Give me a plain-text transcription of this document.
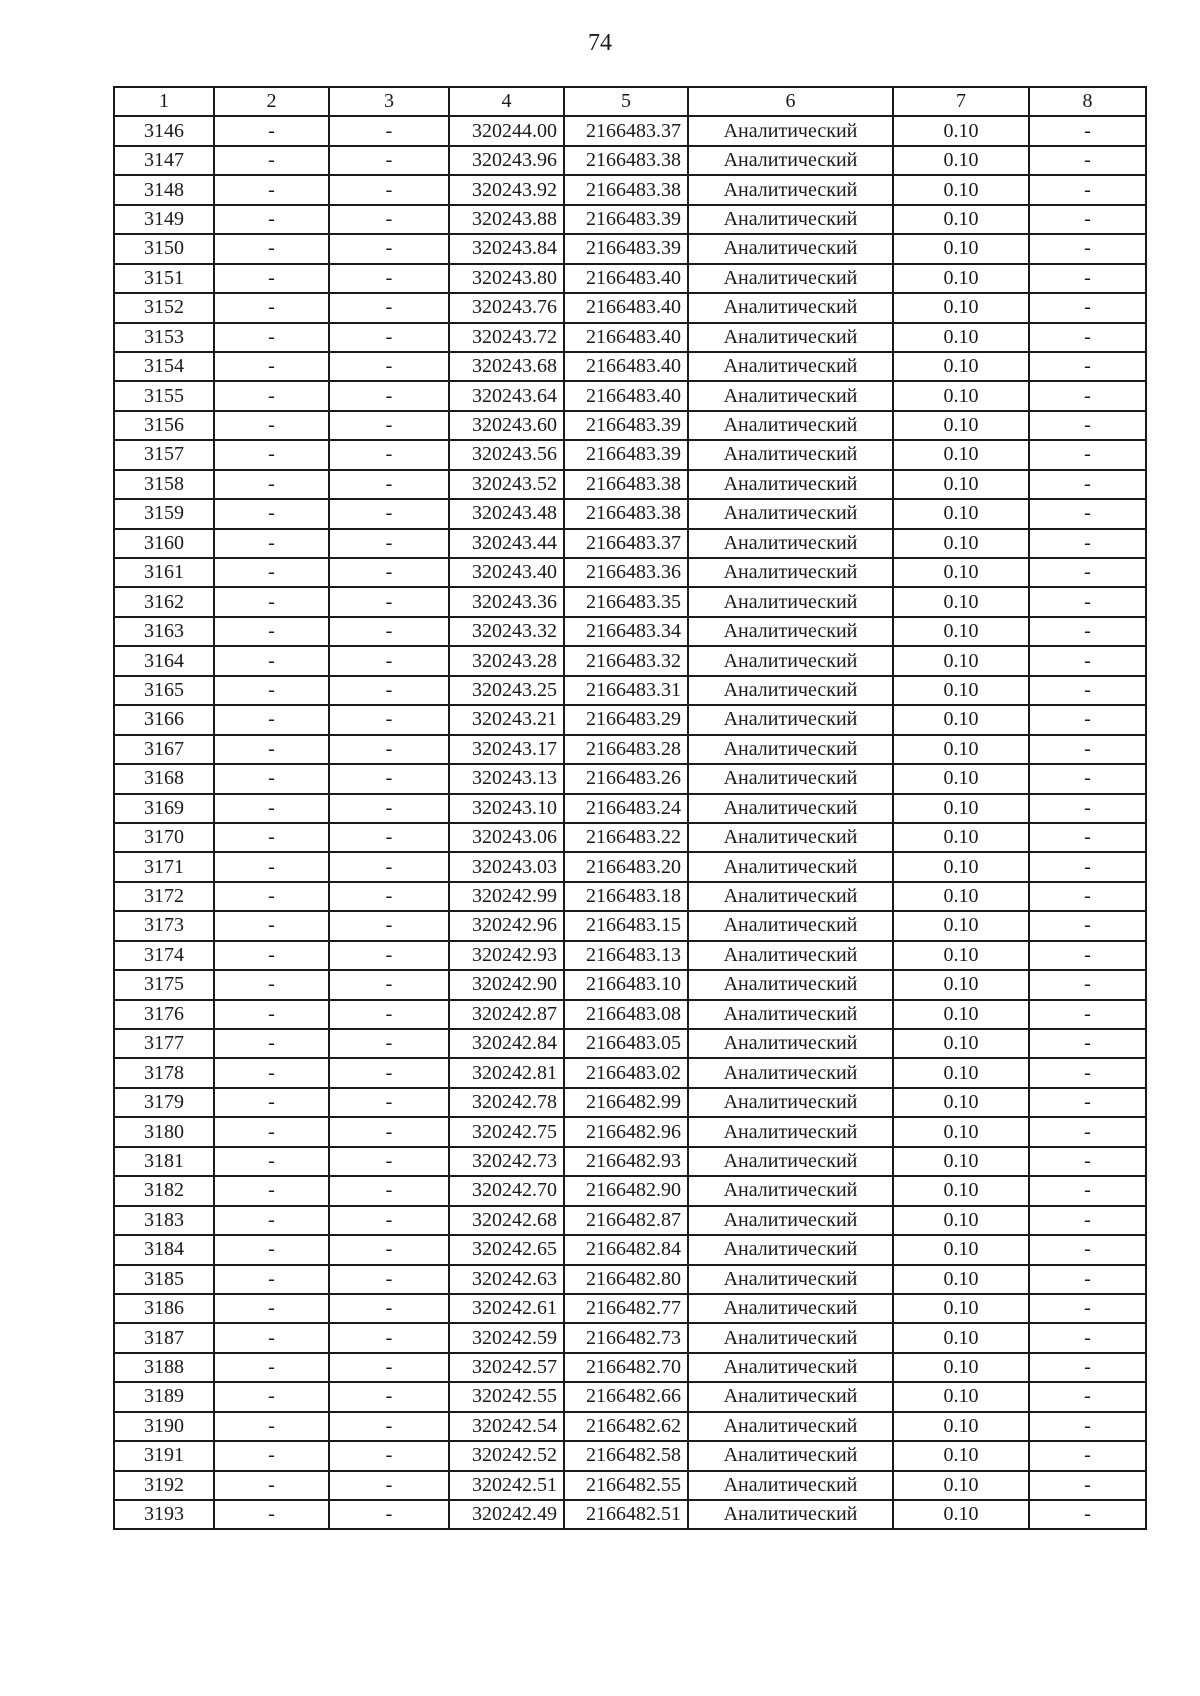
74
1	2	3	4	5	6	7	8
3146	-	-	320244.00	2166483.37	Аналитический	0.10	-
3147	-	-	320243.96	2166483.38	Аналитический	0.10	-
3148	-	-	320243.92	2166483.38	Аналитический	0.10	-
3149	-	-	320243.88	2166483.39	Аналитический	0.10	-
3150	-	-	320243.84	2166483.39	Аналитический	0.10	-
3151	-	-	320243.80	2166483.40	Аналитический	0.10	-
3152	-	-	320243.76	2166483.40	Аналитический	0.10	-
3153	-	-	320243.72	2166483.40	Аналитический	0.10	-
3154	-	-	320243.68	2166483.40	Аналитический	0.10	-
3155	-	-	320243.64	2166483.40	Аналитический	0.10	-
3156	-	-	320243.60	2166483.39	Аналитический	0.10	-
3157	-	-	320243.56	2166483.39	Аналитический	0.10	-
3158	-	-	320243.52	2166483.38	Аналитический	0.10	-
3159	-	-	320243.48	2166483.38	Аналитический	0.10	-
3160	-	-	320243.44	2166483.37	Аналитический	0.10	-
3161	-	-	320243.40	2166483.36	Аналитический	0.10	-
3162	-	-	320243.36	2166483.35	Аналитический	0.10	-
3163	-	-	320243.32	2166483.34	Аналитический	0.10	-
3164	-	-	320243.28	2166483.32	Аналитический	0.10	-
3165	-	-	320243.25	2166483.31	Аналитический	0.10	-
3166	-	-	320243.21	2166483.29	Аналитический	0.10	-
3167	-	-	320243.17	2166483.28	Аналитический	0.10	-
3168	-	-	320243.13	2166483.26	Аналитический	0.10	-
3169	-	-	320243.10	2166483.24	Аналитический	0.10	-
3170	-	-	320243.06	2166483.22	Аналитический	0.10	-
3171	-	-	320243.03	2166483.20	Аналитический	0.10	-
3172	-	-	320242.99	2166483.18	Аналитический	0.10	-
3173	-	-	320242.96	2166483.15	Аналитический	0.10	-
3174	-	-	320242.93	2166483.13	Аналитический	0.10	-
3175	-	-	320242.90	2166483.10	Аналитический	0.10	-
3176	-	-	320242.87	2166483.08	Аналитический	0.10	-
3177	-	-	320242.84	2166483.05	Аналитический	0.10	-
3178	-	-	320242.81	2166483.02	Аналитический	0.10	-
3179	-	-	320242.78	2166482.99	Аналитический	0.10	-
3180	-	-	320242.75	2166482.96	Аналитический	0.10	-
3181	-	-	320242.73	2166482.93	Аналитический	0.10	-
3182	-	-	320242.70	2166482.90	Аналитический	0.10	-
3183	-	-	320242.68	2166482.87	Аналитический	0.10	-
3184	-	-	320242.65	2166482.84	Аналитический	0.10	-
3185	-	-	320242.63	2166482.80	Аналитический	0.10	-
3186	-	-	320242.61	2166482.77	Аналитический	0.10	-
3187	-	-	320242.59	2166482.73	Аналитический	0.10	-
3188	-	-	320242.57	2166482.70	Аналитический	0.10	-
3189	-	-	320242.55	2166482.66	Аналитический	0.10	-
3190	-	-	320242.54	2166482.62	Аналитический	0.10	-
3191	-	-	320242.52	2166482.58	Аналитический	0.10	-
3192	-	-	320242.51	2166482.55	Аналитический	0.10	-
3193	-	-	320242.49	2166482.51	Аналитический	0.10	-
